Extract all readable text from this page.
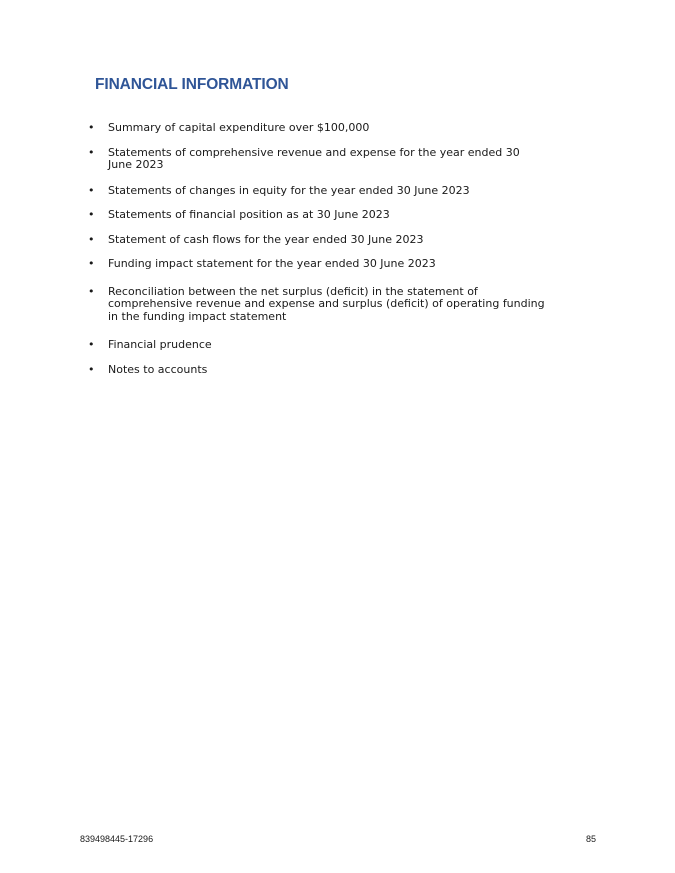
FINANCIAL INFORMATION
• Summary of capital expenditure over $100,000
• Statements of comprehensive revenue and expense for the year ended 30 June 2023
• Statements of changes in equity for the year ended 30 June 2023
• Statements of financial position as at 30 June 2023
• Statement of cash flows for the year ended 30 June 2023
• Funding impact statement for the year ended 30 June 2023
• Reconciliation between the net surplus (deficit) in the statement of comprehensive revenue and expense and surplus (deficit) of operating funding in the funding impact statement
• Financial prudence
• Notes to accounts
839498445-17296	85
